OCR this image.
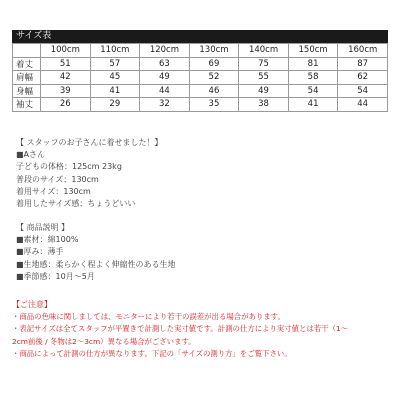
サイズ表
	100cm	110cm	120cm	130cm	140cm	150cm	160cm
着丈	51	57	63	69	75	81	87
肩幅	42	45	49	52	55	58	62
身幅	39	41	44	46	49	54	54
袖丈	26	29	32	35	38	41	44
【 スタッフのお子さんに着せました！】
■Aさん
子どもの体格：125cm 23kg
普段のサイズ：130cm
着用サイズ：130cm
着用したサイズ感：ちょうどいい
【 商品説明 】
■素材：綿100%
■厚み：薄手
■生地感：柔らかく程よく伸縮性のある生地
■季節感：10月～5月
【ご注意】
・商品の色味に関しましては、モニターにより若干の誤差が出る場合があります。
・表記サイズは全てスタッフが平置きで計測した実寸値です。計測の仕方により実寸値とは若干（1～
2cm前後 / 冬物は2～3cm）異なる場合がございます。
・商品によって計測の仕方が異なります。下記の「サイズの測り方」をご覧下さい。
